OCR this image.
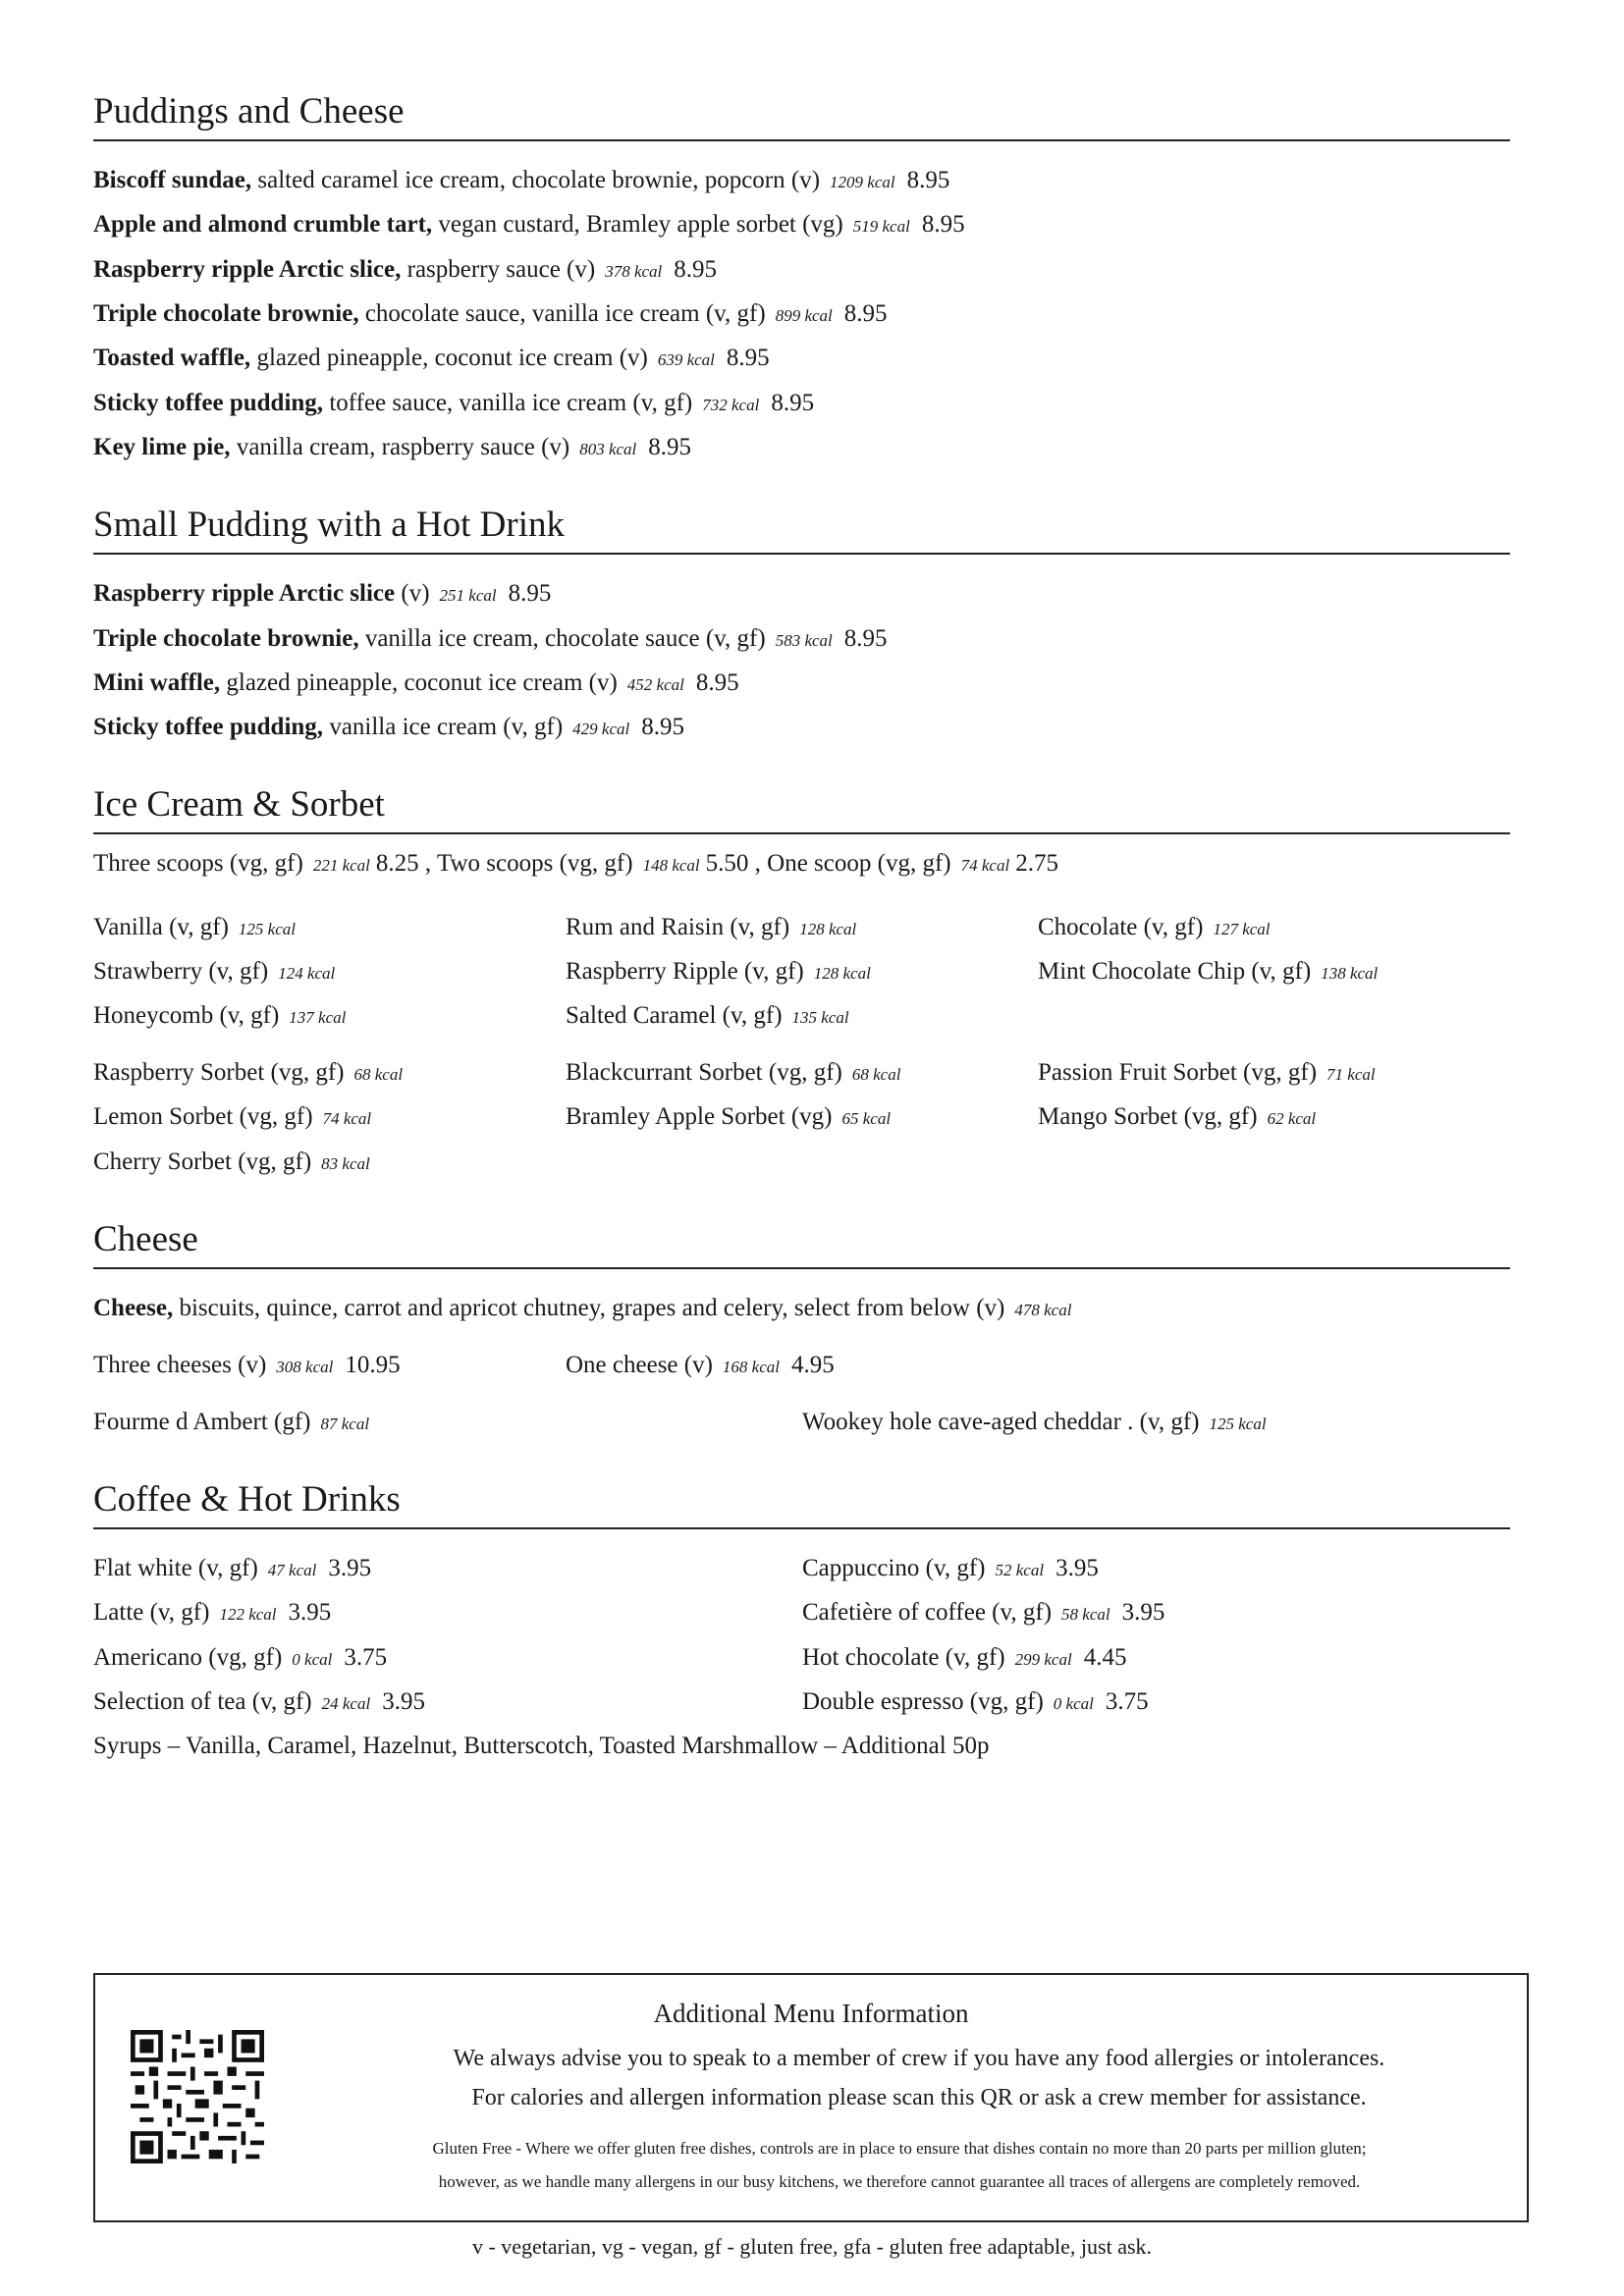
Puddings and Cheese
Biscoff sundae, salted caramel ice cream, chocolate brownie, popcorn (v) 1209 kcal 8.95
Apple and almond crumble tart, vegan custard, Bramley apple sorbet (vg) 519 kcal 8.95
Raspberry ripple Arctic slice, raspberry sauce (v) 378 kcal 8.95
Triple chocolate brownie, chocolate sauce, vanilla ice cream (v, gf) 899 kcal 8.95
Toasted waffle, glazed pineapple, coconut ice cream (v) 639 kcal 8.95
Sticky toffee pudding, toffee sauce, vanilla ice cream (v, gf) 732 kcal 8.95
Key lime pie, vanilla cream, raspberry sauce (v) 803 kcal 8.95
Small Pudding with a Hot Drink
Raspberry ripple Arctic slice (v) 251 kcal 8.95
Triple chocolate brownie, vanilla ice cream, chocolate sauce (v, gf) 583 kcal 8.95
Mini waffle, glazed pineapple, coconut ice cream (v) 452 kcal 8.95
Sticky toffee pudding, vanilla ice cream (v, gf) 429 kcal 8.95
Ice Cream & Sorbet
Three scoops (vg, gf) 221 kcal 8.25 , Two scoops (vg, gf) 148 kcal 5.50 , One scoop (vg, gf) 74 kcal 2.75
Vanilla (v, gf) 125 kcal	Rum and Raisin (v, gf) 128 kcal	Chocolate (v, gf) 127 kcal
Strawberry (v, gf) 124 kcal	Raspberry Ripple (v, gf) 128 kcal	Mint Chocolate Chip (v, gf) 138 kcal
Honeycomb (v, gf) 137 kcal	Salted Caramel (v, gf) 135 kcal
Raspberry Sorbet (vg, gf) 68 kcal	Blackcurrant Sorbet (vg, gf) 68 kcal	Passion Fruit Sorbet (vg, gf) 71 kcal
Lemon Sorbet (vg, gf) 74 kcal	Bramley Apple Sorbet (vg) 65 kcal	Mango Sorbet (vg, gf) 62 kcal
Cherry Sorbet (vg, gf) 83 kcal
Cheese
Cheese, biscuits, quince, carrot and apricot chutney, grapes and celery, select from below (v) 478 kcal
Three cheeses (v) 308 kcal 10.95	One cheese (v) 168 kcal 4.95
Fourme d Ambert (gf) 87 kcal	Wookey hole cave-aged cheddar . (v, gf) 125 kcal
Coffee & Hot Drinks
Flat white (v, gf) 47 kcal 3.95	Cappuccino (v, gf) 52 kcal 3.95
Latte (v, gf) 122 kcal 3.95	Cafetière of coffee (v, gf) 58 kcal 3.95
Americano (vg, gf) 0 kcal 3.75	Hot chocolate (v, gf) 299 kcal 4.45
Selection of tea (v, gf) 24 kcal 3.95	Double espresso (vg, gf) 0 kcal 3.75
Syrups – Vanilla, Caramel, Hazelnut, Butterscotch, Toasted Marshmallow – Additional 50p
Additional Menu Information
We always advise you to speak to a member of crew if you have any food allergies or intolerances.
For calories and allergen information please scan this QR or ask a crew member for assistance.
Gluten Free - Where we offer gluten free dishes, controls are in place to ensure that dishes contain no more than 20 parts per million gluten;
however, as we handle many allergens in our busy kitchens, we therefore cannot guarantee all traces of allergens are completely removed.
v - vegetarian, vg - vegan, gf - gluten free, gfa - gluten free adaptable, just ask.
